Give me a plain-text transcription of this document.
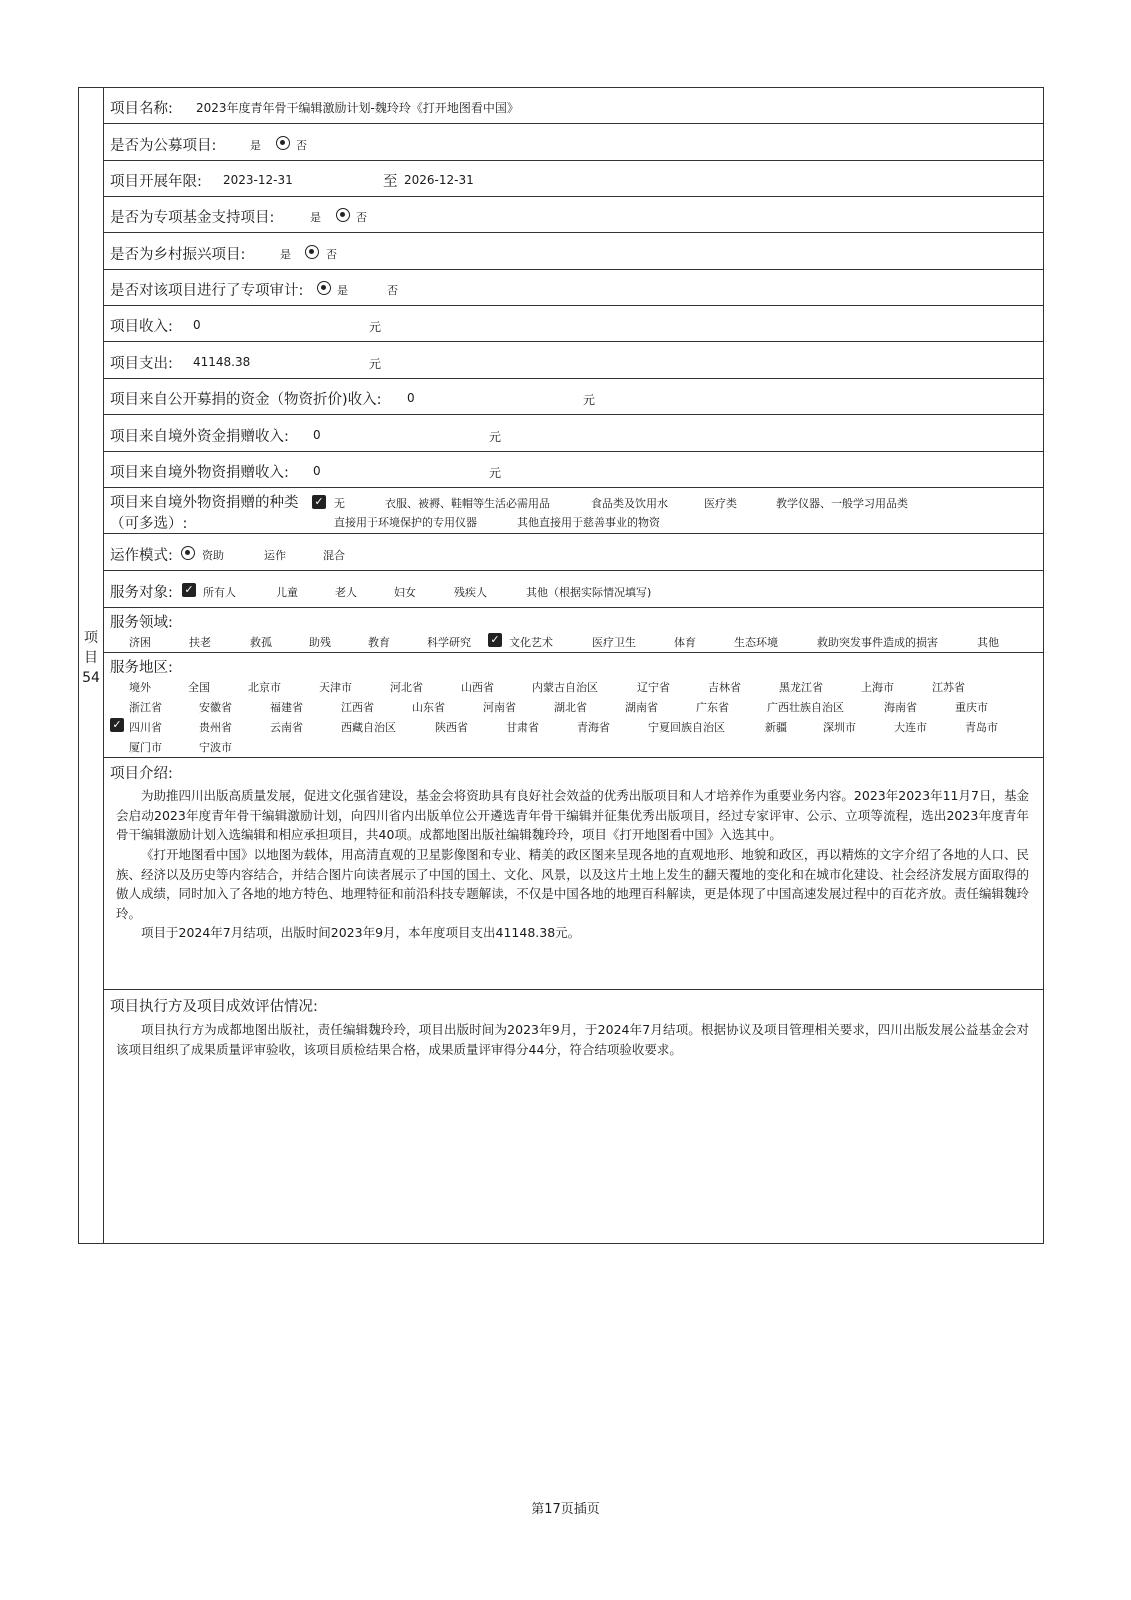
项
目
54
项目名称: 2023年度青年骨干编辑激励计划-魏玲玲《打开地图看中国》
是否为公募项目:	是	否
项目开展年限: 2023-12-31	至 2026-12-31
是否为专项基金支持项目:	是	否
是否为乡村振兴项目:	是	否
是否对该项目进行了专项审计:	是	否
项目收入: 0	元
项目支出: 41148.38	元
项目来自公开募捐的资金（物资折价)收入: 0	元
项目来自境外资金捐赠收入: 0	元
项目来自境外物资捐赠收入: 0	元
项目来自境外物资捐赠的种类
（可多选）:
✓ 无	衣服、被褥、鞋帽等生活必需用品	食品类及饮用水	医疗类	教学仪器、一般学习用品类
直接用于环境保护的专用仪器	其他直接用于慈善事业的物资
运作模式:	资助	运作	混合
服务对象: ✓ 所有人	儿童	老人	妇女	残疾人	其他（根据实际情况填写)
服务领域:
济困	扶老	救孤	助残	教育	科学研究 ✓ 文化艺术	医疗卫生	体育	生态环境	救助突发事件造成的损害	其他
服务地区:
境外	全国	北京市	天津市	河北省	山西省	内蒙古自治区	辽宁省	吉林省	黑龙江省	上海市	江苏省
浙江省	安徽省	福建省	江西省	山东省	河南省	湖北省	湖南省	广东省	广西壮族自治区	海南省	重庆市
✓ 四川省	贵州省	云南省	西藏自治区	陕西省	甘肃省	青海省	宁夏回族自治区	新疆	深圳市	大连市	青岛市
厦门市	宁波市
项目介绍:
为助推四川出版高质量发展，促进文化强省建设，基金会将资助具有良好社会效益的优秀出版项目和人才培养作为重要业务内容。2023年2023年11月7日，基金会启动2023年度青年骨干编辑激励计划，向四川省内出版单位公开遴选青年骨干编辑并征集优秀出版项目，经过专家评审、公示、立项等流程，选出2023年度青年骨干编辑激励计划入选编辑和相应承担项目，共40项。成都地图出版社编辑魏玲玲，项目《打开地图看中国》入选其中。
《打开地图看中国》以地图为载体，用高清直观的卫星影像图和专业、精美的政区图来呈现各地的直观地形、地貌和政区，再以精炼的文字介绍了各地的人口、民族、经济以及历史等内容结合，并结合图片向读者展示了中国的国土、文化、风景，以及这片土地上发生的翻天覆地的变化和在城市化建设、社会经济发展方面取得的傲人成绩，同时加入了各地的地方特色、地理特征和前沿科技专题解读，不仅是中国各地的地理百科解读，更是体现了中国高速发展过程中的百花齐放。责任编辑魏玲玲。
项目于2024年7月结项，出版时间2023年9月，本年度项目支出41148.38元。
项目执行方及项目成效评估情况:
项目执行方为成都地图出版社，责任编辑魏玲玲，项目出版时间为2023年9月，于2024年7月结项。根据协议及项目管理相关要求，四川出版发展公益基金会对该项目组织了成果质量评审验收，该项目质检结果合格，成果质量评审得分44分，符合结项验收要求。
第17页插页
